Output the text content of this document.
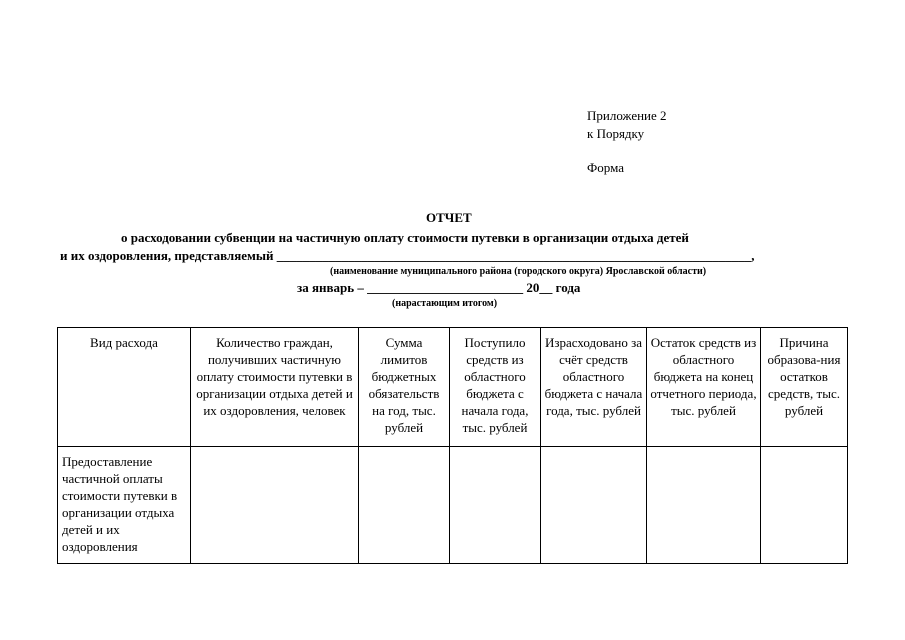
Приложение 2
к Порядку
Форма
ОТЧЕТ
о расходовании субвенции на частичную оплату стоимости путевки в организации отдыха детей
и их оздоровления, представляемый _________________________________________________________________________,
(наименование муниципального района (городского округа) Ярославской области)
за январь – ________________________ 20__ года
(нарастающим итогом)
Вид расхода	Количество граждан, получивших частичную оплату стоимости путевки в организации отдыха детей и их оздоровления, человек	Сумма лимитов бюджетных обязательств на год, тыс. рублей	Поступило средств из областного бюджета с начала года, тыс. рублей	Израсходовано за счёт средств областного бюджета с начала года, тыс. рублей	Остаток средств из областного бюджета на конец отчетного периода, тыс. рублей	Причина образова-ния остатков средств, тыс. рублей
Предоставление частичной оплаты стоимости путевки в организации отдыха детей и их оздоровления						
